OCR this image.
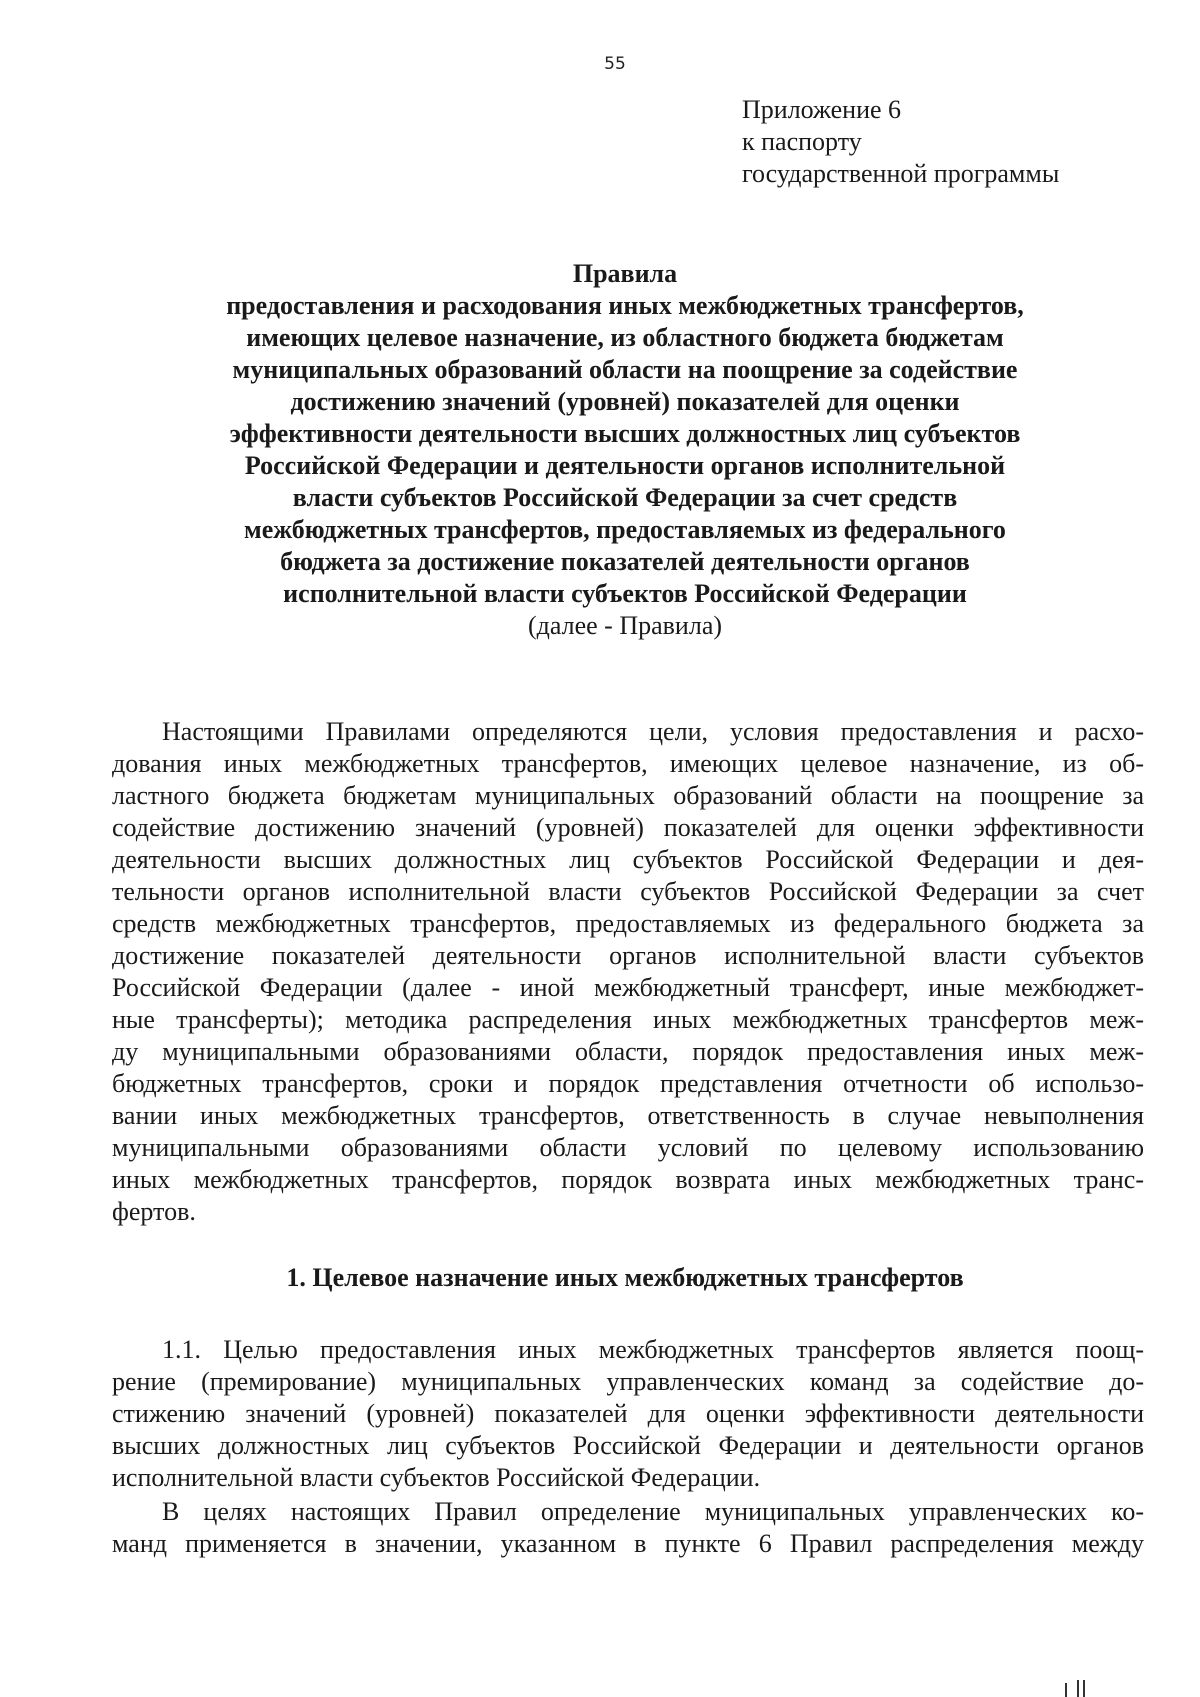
55
Приложение 6
к паспорту
государственной программы
Правила
предоставления и расходования иных межбюджетных трансфертов,
имеющих целевое назначение, из областного бюджета бюджетам
муниципальных образований области на поощрение за содействие
достижению значений (уровней) показателей для оценки
эффективности деятельности высших должностных лиц субъектов
Российской Федерации и деятельности органов исполнительной
власти субъектов Российской Федерации за счет средств
межбюджетных трансфертов, предоставляемых из федерального
бюджета за достижение показателей деятельности органов
исполнительной власти субъектов Российской Федерации
(далее - Правила)
Настоящими Правилами определяются цели, условия предоставления и расхо-
дования иных межбюджетных трансфертов, имеющих целевое назначение, из об-
ластного бюджета бюджетам муниципальных образований области на поощрение за
содействие достижению значений (уровней) показателей для оценки эффективности
деятельности высших должностных лиц субъектов Российской Федерации и дея-
тельности органов исполнительной власти субъектов Российской Федерации за счет
средств межбюджетных трансфертов, предоставляемых из федерального бюджета за
достижение показателей деятельности органов исполнительной власти субъектов
Российской Федерации (далее - иной межбюджетный трансферт, иные межбюджет-
ные трансферты); методика распределения иных межбюджетных трансфертов меж-
ду муниципальными образованиями области, порядок предоставления иных меж-
бюджетных трансфертов, сроки и порядок представления отчетности об использо-
вании иных межбюджетных трансфертов, ответственность в случае невыполнения
муниципальными образованиями области условий по целевому использованию
иных межбюджетных трансфертов, порядок возврата иных межбюджетных транс-
фертов.
1. Целевое назначение иных межбюджетных трансфертов
1.1. Целью предоставления иных межбюджетных трансфертов является поощ-
рение (премирование) муниципальных управленческих команд за содействие до-
стижению значений (уровней) показателей для оценки эффективности деятельности
высших должностных лиц субъектов Российской Федерации и деятельности органов
исполнительной власти субъектов Российской Федерации.
В целях настоящих Правил определение муниципальных управленческих ко-
манд применяется в значении, указанном в пункте 6 Правил распределения между
